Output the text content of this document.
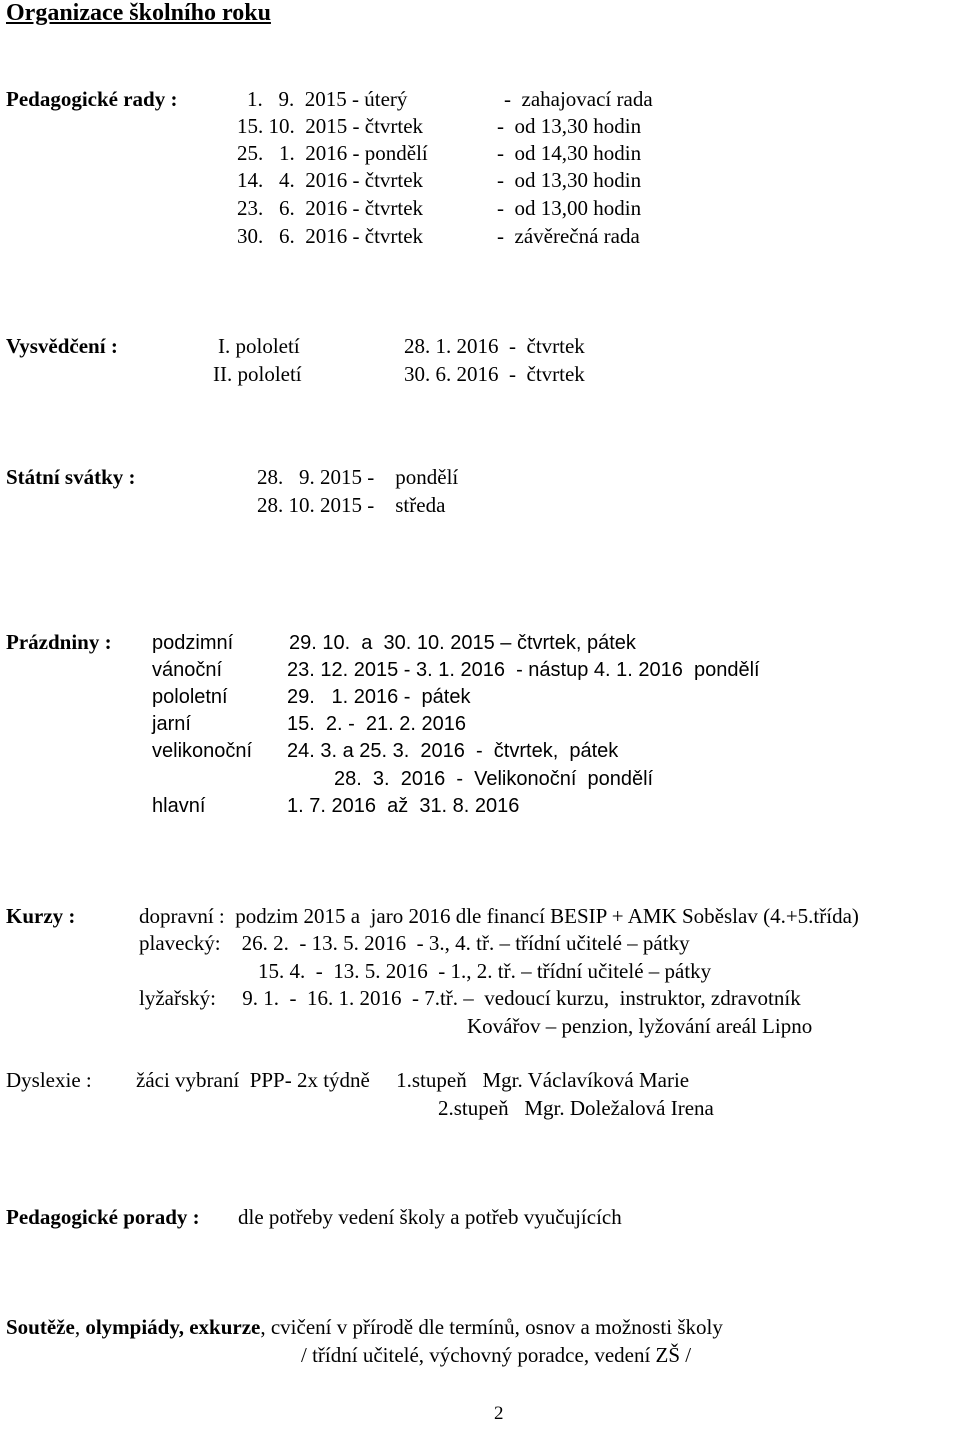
Organizace školního roku
Pedagogické rady :	1.   9.  2015 - úterý	-  zahajovací rada
15. 10.  2015 - čtvrtek	-  od 13,30 hodin
25.   1.  2016 - pondělí	-  od 14,30 hodin
14.   4.  2016 - čtvrtek	-  od 13,30 hodin
23.   6.  2016 - čtvrtek	-  od 13,00 hodin
30.   6.  2016 - čtvrtek	-  závěrečná rada
Vysvědčení :	I. pololetí	28. 1. 2016  -  čtvrtek
II. pololetí	30. 6. 2016  -  čtvrtek
Státní svátky :	28.   9. 2015 -    pondělí
28. 10. 2015 -    středa
Prázdniny : podzimní	29. 10.  a  30. 10. 2015 – čtvrtek, pátek
vánoční	23. 12. 2015 - 3. 1. 2016  - nástup 4. 1. 2016  pondělí
pololetní	29.   1. 2016 -  pátek
jarní	15.  2. -  21. 2. 2016
velikonoční 24. 3. a 25. 3.  2016  -  čtvrtek,  pátek
28.  3.  2016  -  Velikonoční  pondělí
hlavní	1. 7. 2016  až  31. 8. 2016
Kurzy :	dopravní :  podzim 2015 a  jaro 2016 dle financí BESIP + AMK Soběslav (4.+5.třída)
plavecký:    26. 2.  - 13. 5. 2016  - 3., 4. tř. – třídní učitelé – pátky
15. 4.  -  13. 5. 2016  - 1., 2. tř. – třídní učitelé – pátky
lyžařský:     9. 1.  -  16. 1. 2016  - 7.tř. –  vedoucí kurzu,  instruktor, zdravotník
Kovářov – penzion, lyžování areál Lipno
Dyslexie : žáci vybraní  PPP- 2x týdně     1.stupeň   Mgr. Václavíková Marie
2.stupeň   Mgr. Doležalová Irena
Pedagogické porady : dle potřeby vedení školy a potřeb vyučujících
Soutěže, olympiády, exkurze, cvičení v přírodě dle termínů, osnov a možnosti školy
/ třídní učitelé, výchovný poradce, vedení ZŠ /
2
